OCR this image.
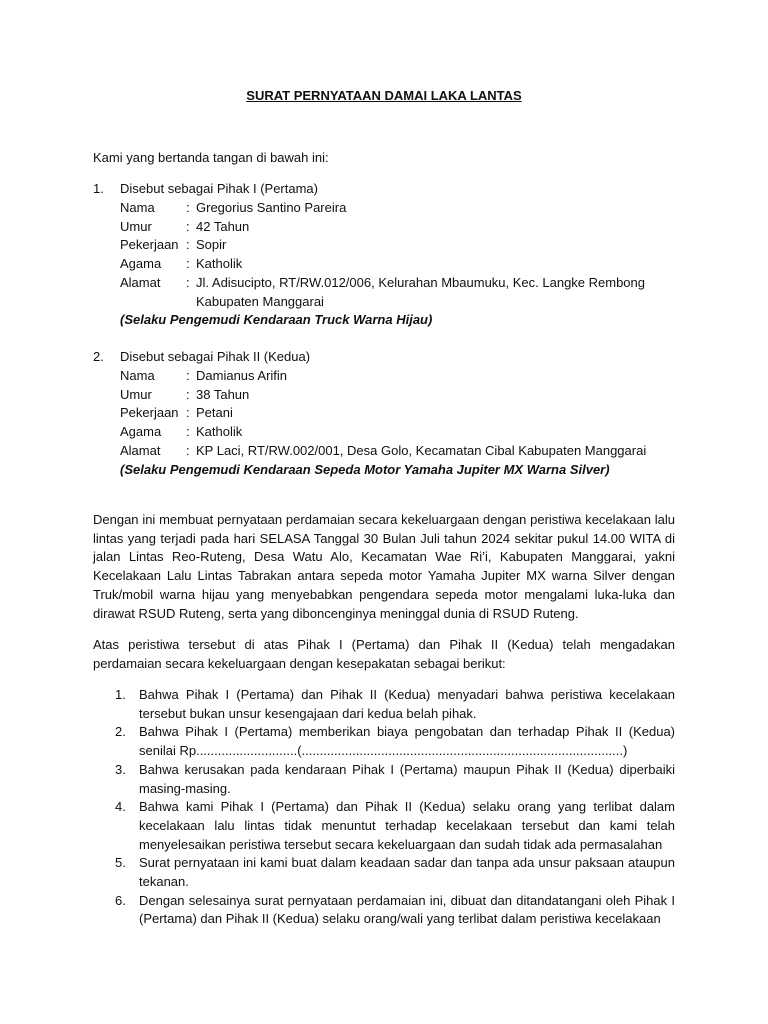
SURAT PERNYATAAN DAMAI LAKA LANTAS
Kami yang bertanda tangan di bawah ini:
1. Disebut sebagai Pihak I (Pertama)
Nama : Gregorius Santino Pareira
Umur	: 42 Tahun
Pekerjaan : Sopir
Agama : Katholik
Alamat : Jl. Adisucipto, RT/RW.012/006, Kelurahan Mbaumuku, Kec. Langke Rembong Kabupaten Manggarai
(Selaku Pengemudi Kendaraan Truck Warna Hijau)
2. Disebut sebagai Pihak II (Kedua)
Nama : Damianus Arifin
Umur	: 38 Tahun
Pekerjaan : Petani
Agama : Katholik
Alamat : KP Laci, RT/RW.002/001, Desa Golo, Kecamatan Cibal Kabupaten Manggarai
(Selaku Pengemudi Kendaraan Sepeda Motor Yamaha Jupiter MX Warna Silver)
Dengan ini membuat pernyataan perdamaian secara kekeluargaan dengan peristiwa kecelakaan lalu lintas yang terjadi pada hari SELASA Tanggal 30 Bulan Juli tahun 2024 sekitar pukul 14.00 WITA di jalan Lintas Reo-Ruteng, Desa Watu Alo, Kecamatan Wae Ri’i, Kabupaten Manggarai, yakni Kecelakaan Lalu Lintas Tabrakan antara sepeda motor Yamaha Jupiter MX warna Silver dengan Truk/mobil warna hijau yang menyebabkan pengendara sepeda motor mengalami luka-luka dan dirawat RSUD Ruteng, serta yang diboncenginya meninggal dunia di RSUD Ruteng.
Atas peristiwa tersebut di atas Pihak I (Pertama) dan Pihak II (Kedua) telah mengadakan perdamaian secara kekeluargaan dengan kesepakatan sebagai berikut:
1. Bahwa Pihak I (Pertama) dan Pihak II (Kedua) menyadari bahwa peristiwa kecelakaan tersebut bukan unsur kesengajaan dari kedua belah pihak.
2. Bahwa Pihak I (Pertama) memberikan biaya pengobatan dan terhadap Pihak II (Kedua) senilai Rp............................(.........................................................................................)
3. Bahwa kerusakan pada kendaraan Pihak I (Pertama) maupun Pihak II (Kedua) diperbaiki masing-masing.
4. Bahwa kami Pihak I (Pertama) dan Pihak II (Kedua) selaku orang yang terlibat dalam kecelakaan lalu lintas tidak menuntut terhadap kecelakaan tersebut dan kami telah menyelesaikan peristiwa tersebut secara kekeluargaan dan sudah tidak ada permasalahan
5. Surat pernyataan ini kami buat dalam keadaan sadar dan tanpa ada unsur paksaan ataupun tekanan.
6. Dengan selesainya surat pernyataan perdamaian ini, dibuat dan ditandatangani oleh Pihak I (Pertama) dan Pihak II (Kedua) selaku orang/wali yang terlibat dalam peristiwa kecelakaan
